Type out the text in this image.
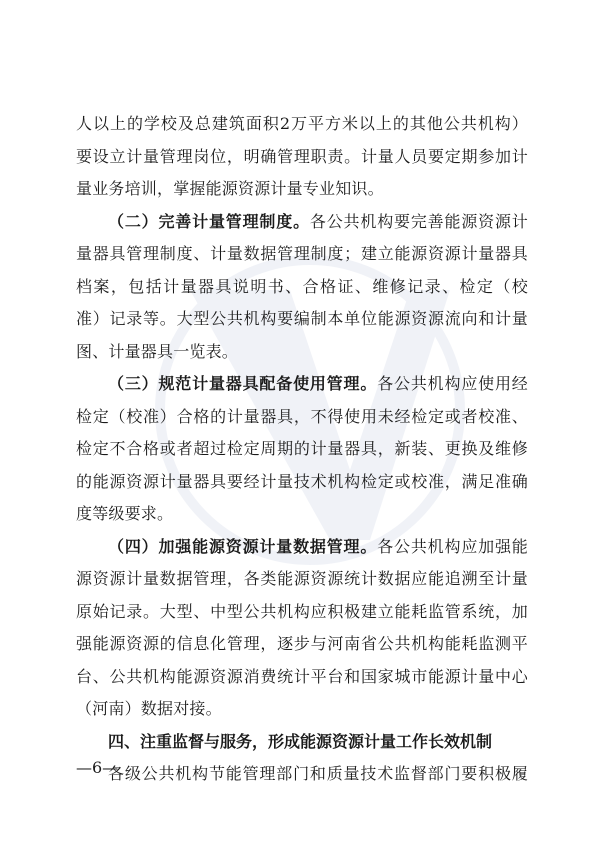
人以上的学校及总建筑面积2万平方米以上的其他公共机构）
要设立计量管理岗位，明确管理职责。计量人员要定期参加计
量业务培训，掌握能源资源计量专业知识。
（二）完善计量管理制度。各公共机构要完善能源资源计
量器具管理制度、计量数据管理制度；建立能源资源计量器具
档案，包括计量器具说明书、合格证、维修记录、检定（校
准）记录等。大型公共机构要编制本单位能源资源流向和计量
图、计量器具一览表。
（三）规范计量器具配备使用管理。各公共机构应使用经
检定（校准）合格的计量器具，不得使用未经检定或者校准、
检定不合格或者超过检定周期的计量器具，新装、更换及维修
的能源资源计量器具要经计量技术机构检定或校准，满足准确
度等级要求。
（四）加强能源资源计量数据管理。各公共机构应加强能
源资源计量数据管理，各类能源资源统计数据应能追溯至计量
原始记录。大型、中型公共机构应积极建立能耗监管系统，加
强能源资源的信息化管理，逐步与河南省公共机构能耗监测平
台、公共机构能源资源消费统计平台和国家城市能源计量中心
（河南）数据对接。
四、注重监督与服务，形成能源资源计量工作长效机制
各级公共机构节能管理部门和质量技术监督部门要积极履
—6—
